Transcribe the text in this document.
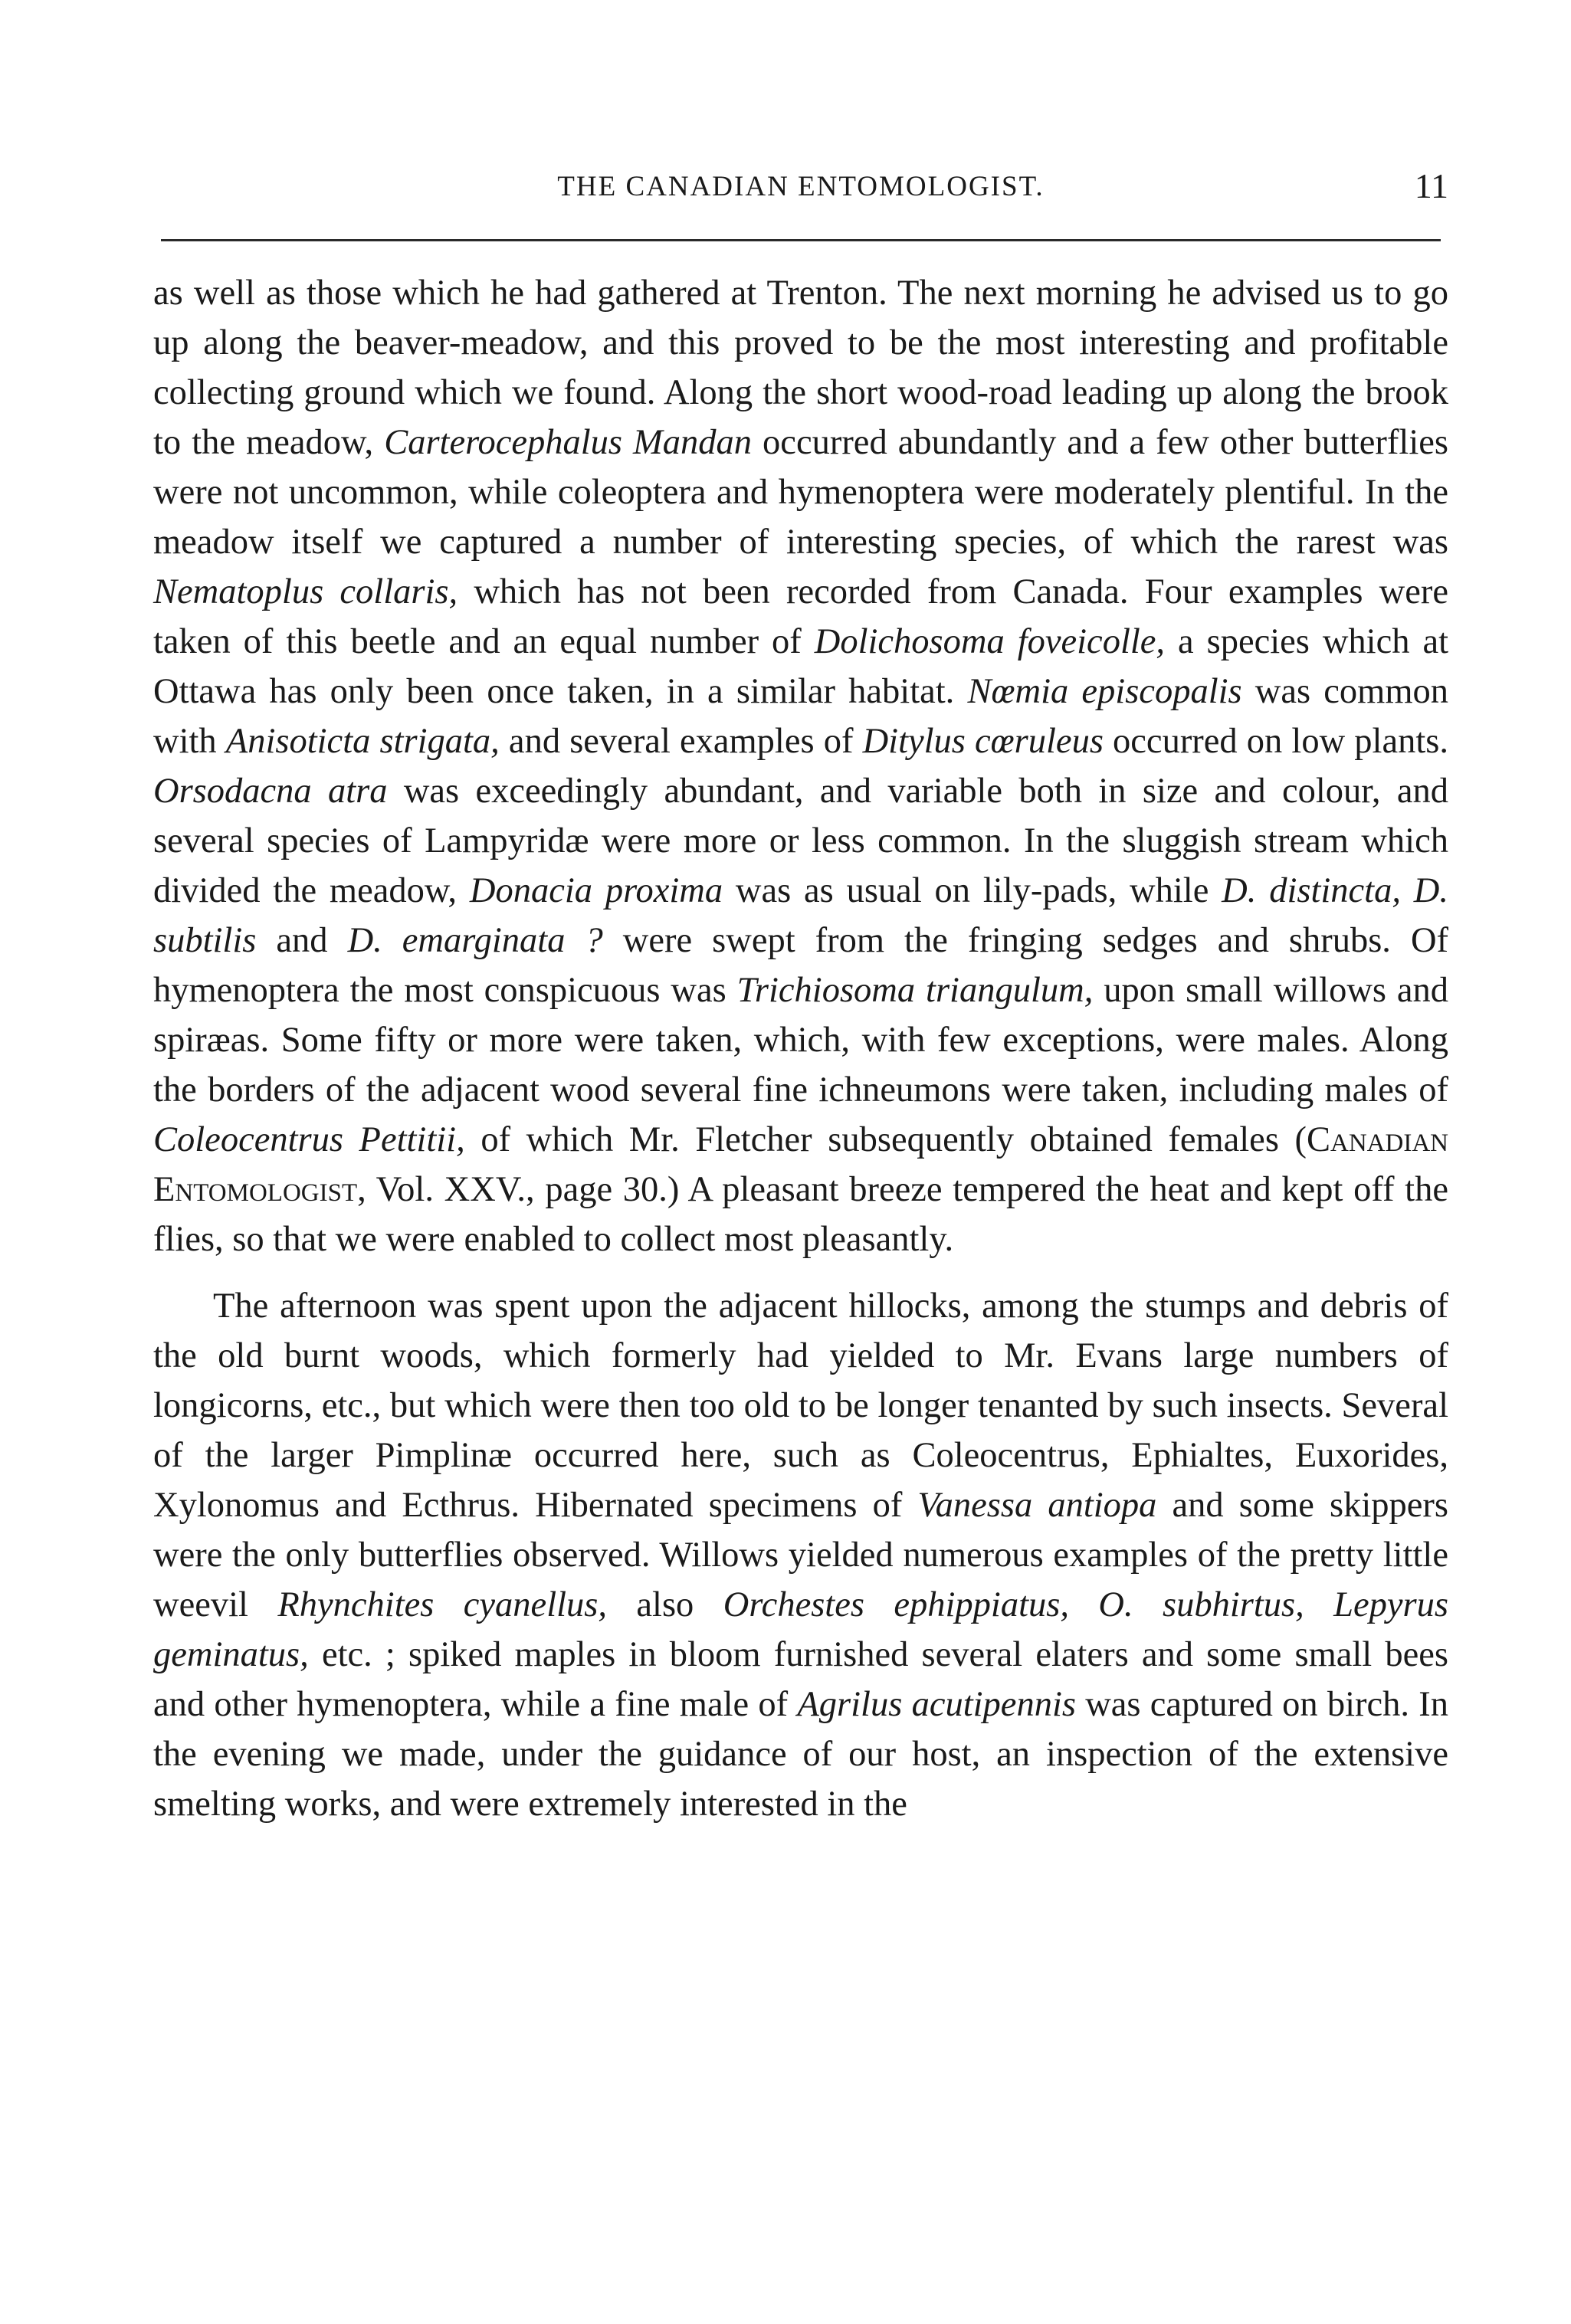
THE CANADIAN ENTOMOLOGIST.	11

as well as those which he had gathered at Trenton. The next morning he advised us to go up along the beaver-meadow, and this proved to be the most interesting and profitable collecting ground which we found. Along the short wood-road leading up along the brook to the meadow, Carterocephalus Mandan occurred abundantly and a few other butterflies were not uncommon, while coleoptera and hymenoptera were moderately plentiful. In the meadow itself we captured a number of interesting species, of which the rarest was Nematoplus collaris, which has not been recorded from Canada. Four examples were taken of this beetle and an equal number of Dolichosoma foveicolle, a species which at Ottawa has only been once taken, in a similar habitat. Nœmia episcopalis was common with Anisoticta strigata, and several examples of Ditylus cœruleus occurred on low plants. Orsodacna atra was exceedingly abundant, and variable both in size and colour, and several species of Lampyridæ were more or less common. In the sluggish stream which divided the meadow, Donacia proxima was as usual on lily-pads, while D. distincta, D. subtilis and D. emarginata ? were swept from the fringing sedges and shrubs. Of hymenoptera the most conspicuous was Trichiosoma triangulum, upon small willows and spiræas. Some fifty or more were taken, which, with few exceptions, were males. Along the borders of the adjacent wood several fine ichneumons were taken, including males of Coleocentrus Pettitii, of which Mr. Fletcher subsequently obtained females (Canadian Entomologist, Vol. XXV., page 30.) A pleasant breeze tempered the heat and kept off the flies, so that we were enabled to collect most pleasantly.

The afternoon was spent upon the adjacent hillocks, among the stumps and debris of the old burnt woods, which formerly had yielded to Mr. Evans large numbers of longicorns, etc., but which were then too old to be longer tenanted by such insects. Several of the larger Pimplinæ occurred here, such as Coleocentrus, Ephialtes, Euxorides, Xylonomus and Ecthrus. Hibernated specimens of Vanessa antiopa and some skippers were the only butterflies observed. Willows yielded numerous examples of the pretty little weevil Rhynchites cyanellus, also Orchestes ephippiatus, O. subhirtus, Lepyrus geminatus, etc. ; spiked maples in bloom furnished several elaters and some small bees and other hymenoptera, while a fine male of Agrilus acutipennis was captured on birch. In the evening we made, under the guidance of our host, an inspection of the extensive smelting works, and were extremely interested in the
